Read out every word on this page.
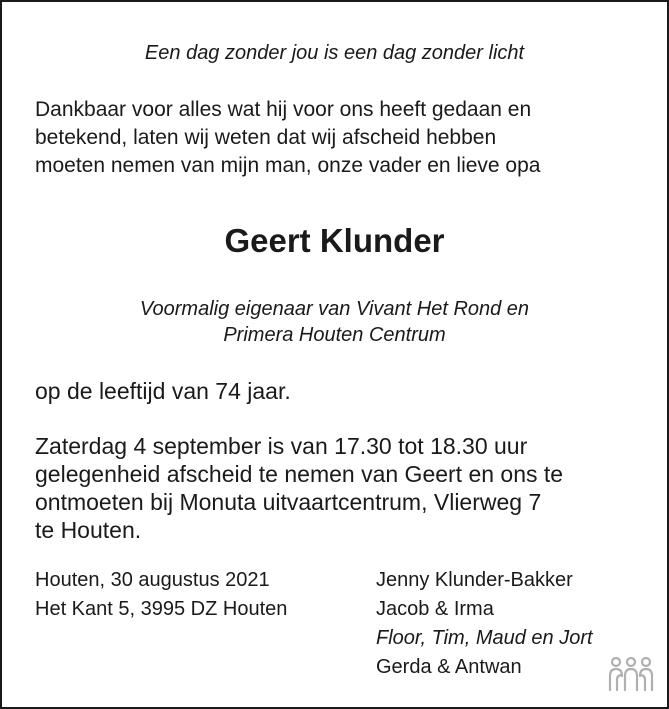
Een dag zonder jou is een dag zonder licht
Dankbaar voor alles wat hij voor ons heeft gedaan en
betekend, laten wij weten dat wij afscheid hebben
moeten nemen van mijn man, onze vader en lieve opa
Geert Klunder
Voormalig eigenaar van Vivant Het Rond en
Primera Houten Centrum
op de leeftijd van 74 jaar.
Zaterdag 4 september is van 17.30 tot 18.30 uur
gelegenheid afscheid te nemen van Geert en ons te
ontmoeten bij Monuta uitvaartcentrum, Vlierweg 7
te Houten.
Houten, 30 augustus 2021
Het Kant 5, 3995 DZ Houten
Jenny Klunder-Bakker
Jacob & Irma
Floor, Tim, Maud en Jort
Gerda & Antwan
